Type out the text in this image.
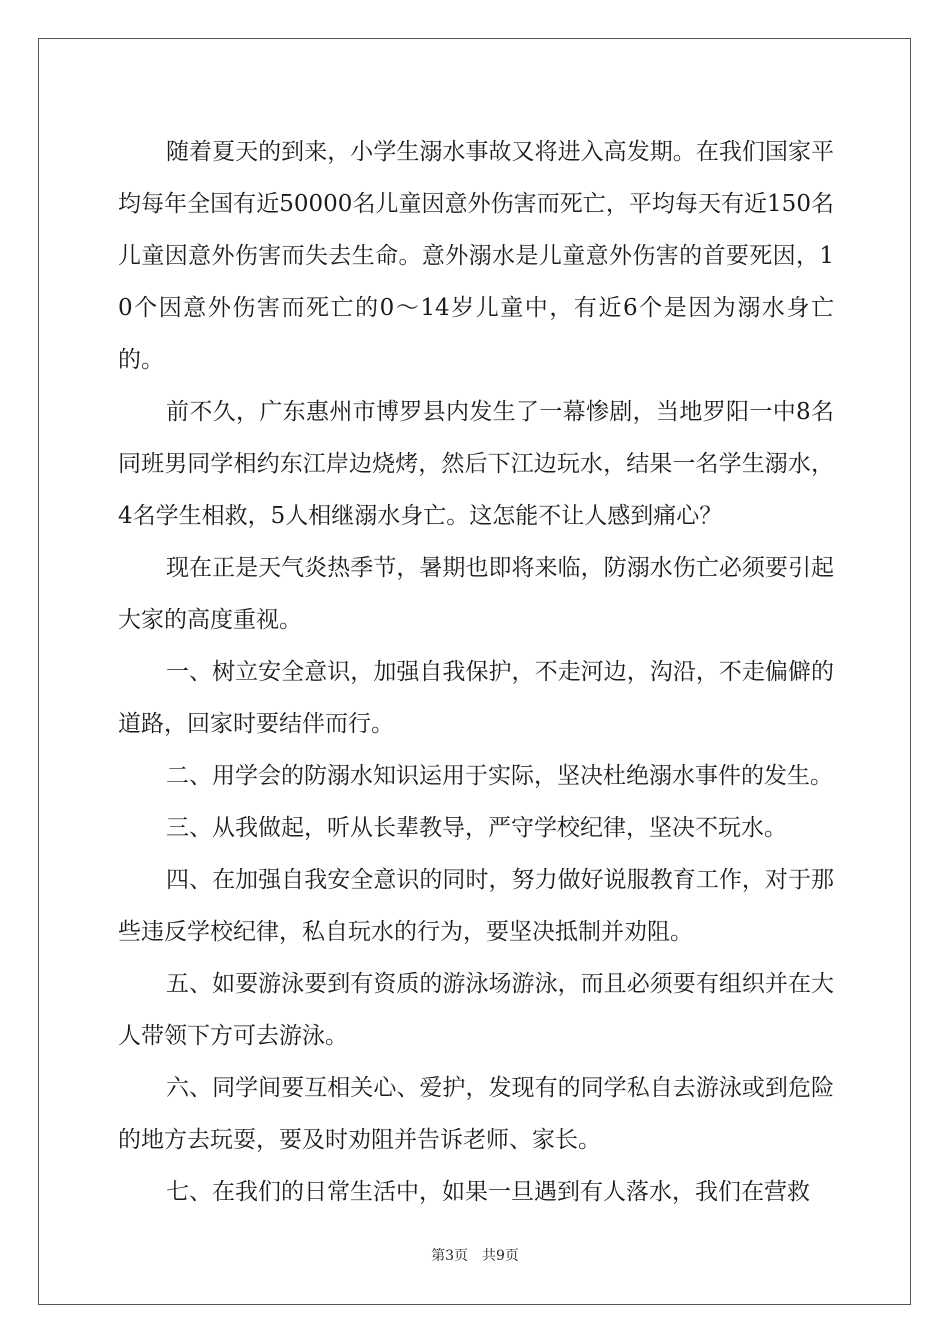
随着夏天的到来，小学生溺水事故又将进入高发期。在我们国家平均每年全国有近50000名儿童因意外伤害而死亡，平均每天有近150名儿童因意外伤害而失去生命。意外溺水是儿童意外伤害的首要死因，10个因意外伤害而死亡的0～14岁儿童中，有近6个是因为溺水身亡的。

前不久，广东惠州市博罗县内发生了一幕惨剧，当地罗阳一中8名同班男同学相约东江岸边烧烤，然后下江边玩水，结果一名学生溺水，4名学生相救，5人相继溺水身亡。这怎能不让人感到痛心？

现在正是天气炎热季节，暑期也即将来临，防溺水伤亡必须要引起大家的高度重视。

一、树立安全意识，加强自我保护，不走河边，沟沿，不走偏僻的道路，回家时要结伴而行。

二、用学会的防溺水知识运用于实际，坚决杜绝溺水事件的发生。

三、从我做起，听从长辈教导，严守学校纪律，坚决不玩水。

四、在加强自我安全意识的同时，努力做好说服教育工作，对于那些违反学校纪律，私自玩水的行为，要坚决抵制并劝阻。

五、如要游泳要到有资质的游泳场游泳，而且必须要有组织并在大人带领下方可去游泳。

六、同学间要互相关心、爱护，发现有的同学私自去游泳或到危险的地方去玩耍，要及时劝阻并告诉老师、家长。

七、在我们的日常生活中，如果一旦遇到有人落水，我们在营救

第3页 共9页
